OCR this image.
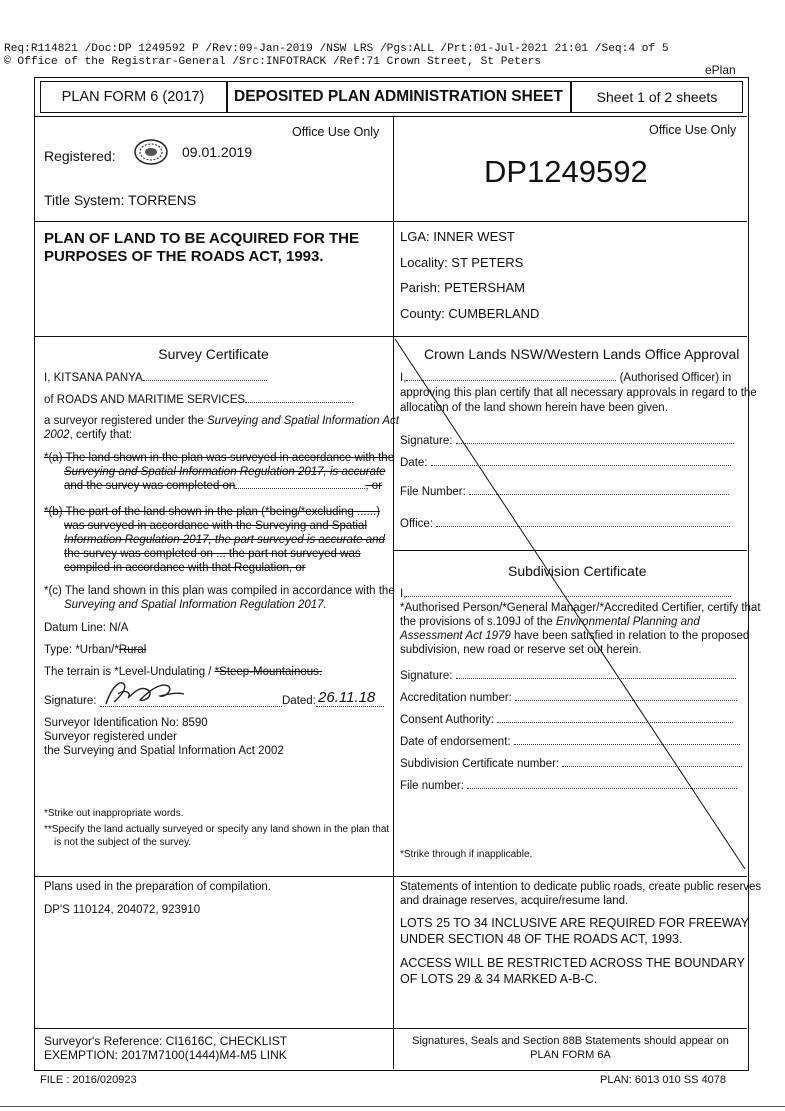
Req:R114821 /Doc:DP 1249592 P /Rev:09-Jan-2019 /NSW LRS /Pgs:ALL /Prt:01-Jul-2021 21:01 /Seq:4 of 5
© Office of the Registrar-General /Src:INFOTRACK /Ref:71 Crown Street, St Peters
ePlan
PLAN FORM 6 (2017)	DEPOSITED PLAN ADMINISTRATION SHEET	Sheet 1 of 2 sheets
Office Use Only
Registered:	09.01.2019
Title System: TORRENS
Office Use Only
DP1249592
PLAN OF LAND TO BE ACQUIRED FOR THE
PURPOSES OF THE ROADS ACT, 1993.
LGA: INNER WEST
Locality: ST PETERS
Parish: PETERSHAM
County: CUMBERLAND
Survey Certificate
I, KITSANA PANYA
of ROADS AND MARITIME SERVICES
a surveyor registered under the Surveying and Spatial Information Act
2002, certify that:
*(a) The land shown in the plan was surveyed in accordance with the
Surveying and Spatial Information Regulation 2017, is accurate
and the survey was completed on	, or
*(b) The part of the land shown in the plan (*being/*excluding ......)
was surveyed in accordance with the Surveying and Spatial
Information Regulation 2017, the part surveyed is accurate and
the survey was completed on ... the part not surveyed was
compiled in accordance with that Regulation, or
*(c) The land shown in this plan was compiled in accordance with the
Surveying and Spatial Information Regulation 2017.
Datum Line: N/A
Type: *Urban/*Rural
The terrain is *Level-Undulating / *Steep-Mountainous.
Signature:	Dated: 26.11.18
Surveyor Identification No: 8590
Surveyor registered under
the Surveying and Spatial Information Act 2002
*Strike out inappropriate words.
**Specify the land actually surveyed or specify any land shown in the plan that
is not the subject of the survey.
Crown Lands NSW/Western Lands Office Approval
I,	(Authorised Officer) in
approving this plan certify that all necessary approvals in regard to the
allocation of the land shown herein have been given.
Signature:
Date:
File Number:
Office:
Subdivision Certificate
I,
*Authorised Person/*General Manager/*Accredited Certifier, certify that
the provisions of s.109J of the Environmental Planning and
Assessment Act 1979 have been satisfied in relation to the proposed
subdivision, new road or reserve set out herein.
Signature:
Accreditation number:
Consent Authority:
Date of endorsement:
Subdivision Certificate number:
File number:
*Strike through if inapplicable.
Plans used in the preparation of compilation.
DP'S 110124, 204072, 923910
Statements of intention to dedicate public roads, create public reserves
and drainage reserves, acquire/resume land.
LOTS 25 TO 34 INCLUSIVE ARE REQUIRED FOR FREEWAY
UNDER SECTION 48 OF THE ROADS ACT, 1993.
ACCESS WILL BE RESTRICTED ACROSS THE BOUNDARY
OF LOTS 29 & 34 MARKED A-B-C.
Surveyor's Reference: CI1616C, CHECKLIST
EXEMPTION: 2017M7100(1444)M4-M5 LINK
Signatures, Seals and Section 88B Statements should appear on
PLAN FORM 6A
FILE : 2016/020923	PLAN: 6013 010 SS 4078
